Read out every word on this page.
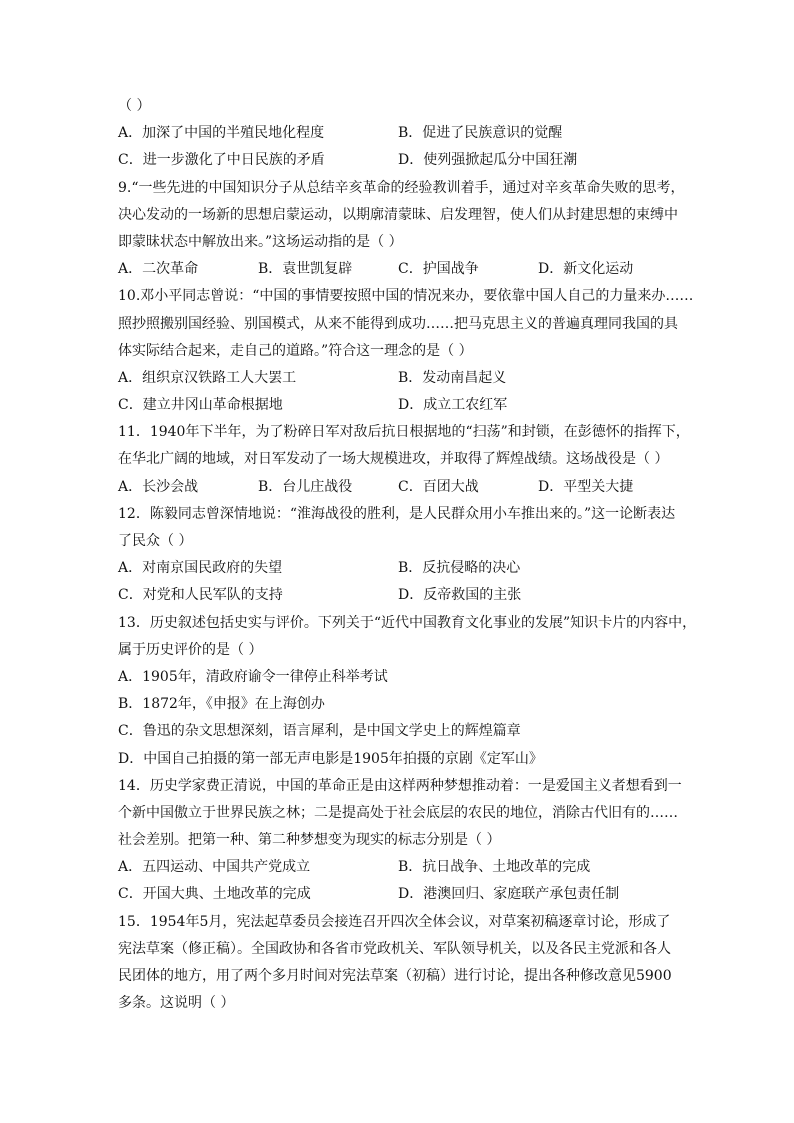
（ ）
A．加深了中国的半殖民地化程度	B．促进了民族意识的觉醒
C．进一步激化了中日民族的矛盾	D．使列强掀起瓜分中国狂潮
9.“一些先进的中国知识分子从总结辛亥革命的经验教训着手，通过对辛亥革命失败的思考，
决心发动的一场新的思想启蒙运动，以期廓清蒙昧、启发理智，使人们从封建思想的束缚中
即蒙昧状态中解放出来。”这场运动指的是（ ）
A．二次革命	B．袁世凯复辟	C．护国战争	D．新文化运动
10.邓小平同志曾说：“中国的事情要按照中国的情况来办，要依靠中国人自己的力量来办……
照抄照搬别国经验、别国模式，从来不能得到成功……把马克思主义的普遍真理同我国的具
体实际结合起来，走自己的道路。”符合这一理念的是（ ）
A．组织京汉铁路工人大罢工	B．发动南昌起义
C．建立井冈山革命根据地	D．成立工农红军
11．1940年下半年，为了粉碎日军对敌后抗日根据地的“扫荡”和封锁，在彭德怀的指挥下，
在华北广阔的地域，对日军发动了一场大规模进攻，并取得了辉煌战绩。这场战役是（ ）
A．长沙会战	B．台儿庄战役	C．百团大战	D．平型关大捷
12．陈毅同志曾深情地说：“淮海战役的胜利，是人民群众用小车推出来的。”这一论断表达
了民众（ ）
A．对南京国民政府的失望	B．反抗侵略的决心
C．对党和人民军队的支持	D．反帝救国的主张
13．历史叙述包括史实与评价。下列关于“近代中国教育文化事业的发展”知识卡片的内容中，
属于历史评价的是（ ）
A．1905年，清政府谕令一律停止科举考试
B．1872年，《申报》在上海创办
C．鲁迅的杂文思想深刻，语言犀利，是中国文学史上的辉煌篇章
D．中国自己拍摄的第一部无声电影是1905年拍摄的京剧《定军山》
14．历史学家费正清说，中国的革命正是由这样两种梦想推动着：一是爱国主义者想看到一
个新中国傲立于世界民族之林；二是提高处于社会底层的农民的地位，消除古代旧有的……
社会差别。把第一种、第二种梦想变为现实的标志分别是（ ）
A．五四运动、中国共产党成立	B．抗日战争、土地改革的完成
C．开国大典、土地改革的完成	D．港澳回归、家庭联产承包责任制
15．1954年5月，宪法起草委员会接连召开四次全体会议，对草案初稿逐章讨论，形成了
宪法草案（修正稿）。全国政协和各省市党政机关、军队领导机关，以及各民主党派和各人
民团体的地方，用了两个多月时间对宪法草案（初稿）进行讨论，提出各种修改意见5900
多条。这说明（ ）
